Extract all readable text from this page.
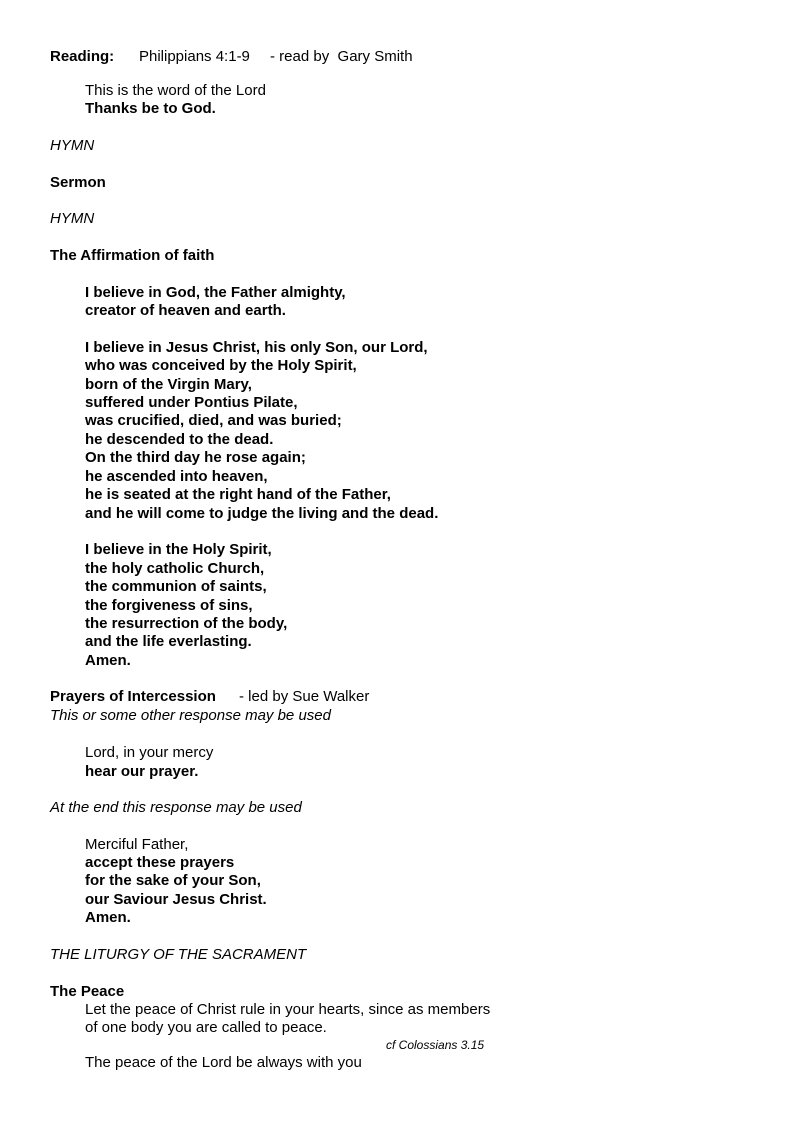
Reading: Philippians 4:1-9 - read by  Gary Smith
This is the word of the Lord
Thanks be to God.
HYMN
Sermon
HYMN
The Affirmation of faith
I believe in God, the Father almighty,
creator of heaven and earth.
I believe in Jesus Christ, his only Son, our Lord,
who was conceived by the Holy Spirit,
born of the Virgin Mary,
suffered under Pontius Pilate,
was crucified, died, and was buried;
he descended to the dead.
On the third day he rose again;
he ascended into heaven,
he is seated at the right hand of the Father,
and he will come to judge the living and the dead.
I believe in the Holy Spirit,
the holy catholic Church,
the communion of saints,
the forgiveness of sins,
the resurrection of the body,
and the life everlasting.
Amen.
Prayers of Intercession - led by Sue Walker
This or some other response may be used
Lord, in your mercy
hear our prayer.
At the end this response may be used
Merciful Father,
accept these prayers
for the sake of your Son,
our Saviour Jesus Christ.
Amen.
THE LITURGY OF THE SACRAMENT
The Peace
Let the peace of Christ rule in your hearts, since as members
of one body you are called to peace.
cf Colossians 3.15
The peace of the Lord be always with you
